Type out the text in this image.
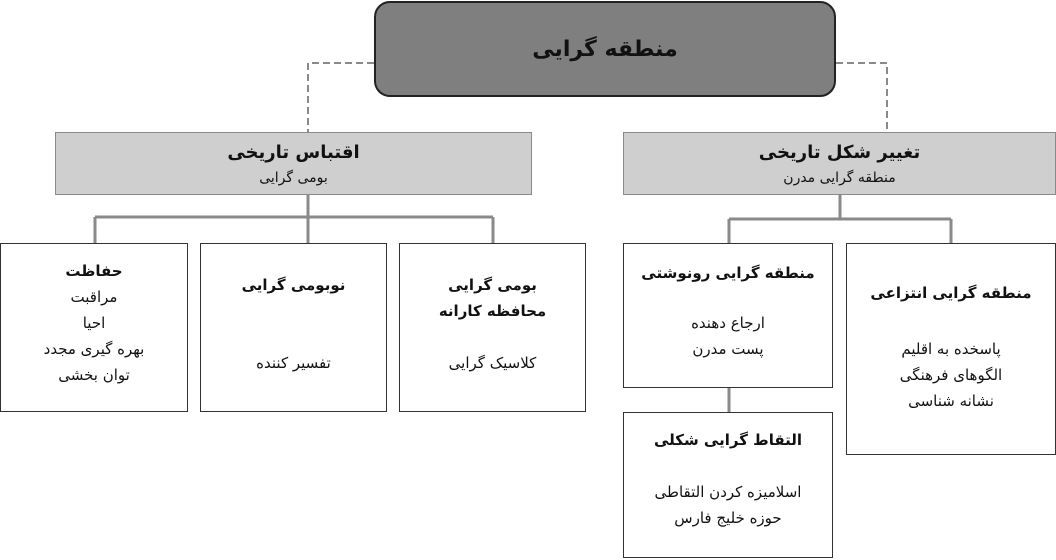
منطقه گرایی
اقتباس تاریخی
بومی گرایی
تغییر شکل تاریخی
منطقه گرایی مدرن
حفاظت
مراقبت
احیا
بهره گیری مجدد
توان بخشی
نوبومی گرایی
تفسیر کننده
بومی گرایی
محافظه کارانه
کلاسیک گرایی
منطقه گرایی رونوشتی
ارجاع دهنده
پست مدرن
منطقه گرایی انتزاعی
پاسخده به اقلیم
الگوهای فرهنگی
نشانه شناسی
التقاط گرایی شکلی
اسلامیزه کردن التقاطی
حوزه خلیج فارس
